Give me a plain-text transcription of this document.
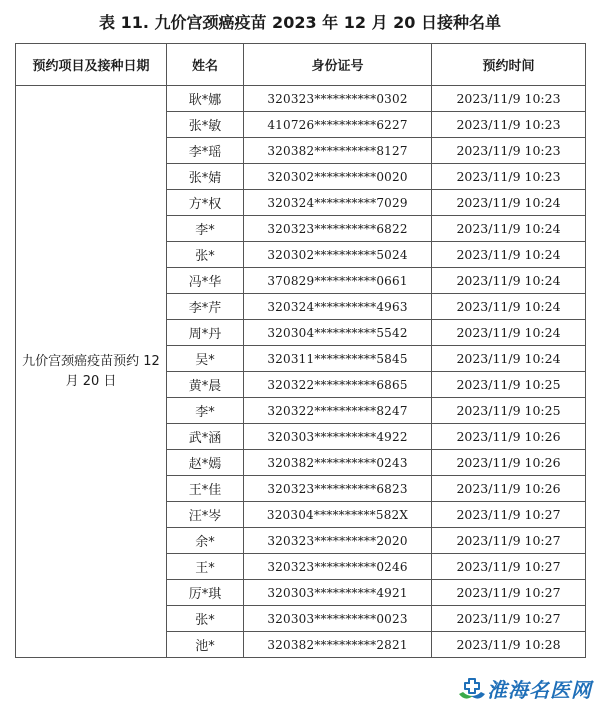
表 11. 九价宫颈癌疫苗 2023 年 12 月 20 日接种名单
预约项目及接种日期	姓名	身份证号	预约时间
九价宫颈癌疫苗预约 12 月 20 日	耿*娜	320323**********0302	2023/11/9 10:23
	张*敏	410726**********6227	2023/11/9 10:23
	李*瑶	320382**********8127	2023/11/9 10:23
	张*婧	320302**********0020	2023/11/9 10:23
	方*权	320324**********7029	2023/11/9 10:24
	李*	320323**********6822	2023/11/9 10:24
	张*	320302**********5024	2023/11/9 10:24
	冯*华	370829**********0661	2023/11/9 10:24
	李*芹	320324**********4963	2023/11/9 10:24
	周*丹	320304**********5542	2023/11/9 10:24
	吴*	320311**********5845	2023/11/9 10:24
	黄*晨	320322**********6865	2023/11/9 10:25
	李*	320322**********8247	2023/11/9 10:25
	武*涵	320303**********4922	2023/11/9 10:26
	赵*嫣	320382**********0243	2023/11/9 10:26
	王*佳	320323**********6823	2023/11/9 10:26
	汪*岑	320304**********582X	2023/11/9 10:27
	余*	320323**********2020	2023/11/9 10:27
	王*	320323**********0246	2023/11/9 10:27
	厉*琪	320303**********4921	2023/11/9 10:27
	张*	320303**********0023	2023/11/9 10:27
	池*	320382**********2821	2023/11/9 10:28
淮海名医网
